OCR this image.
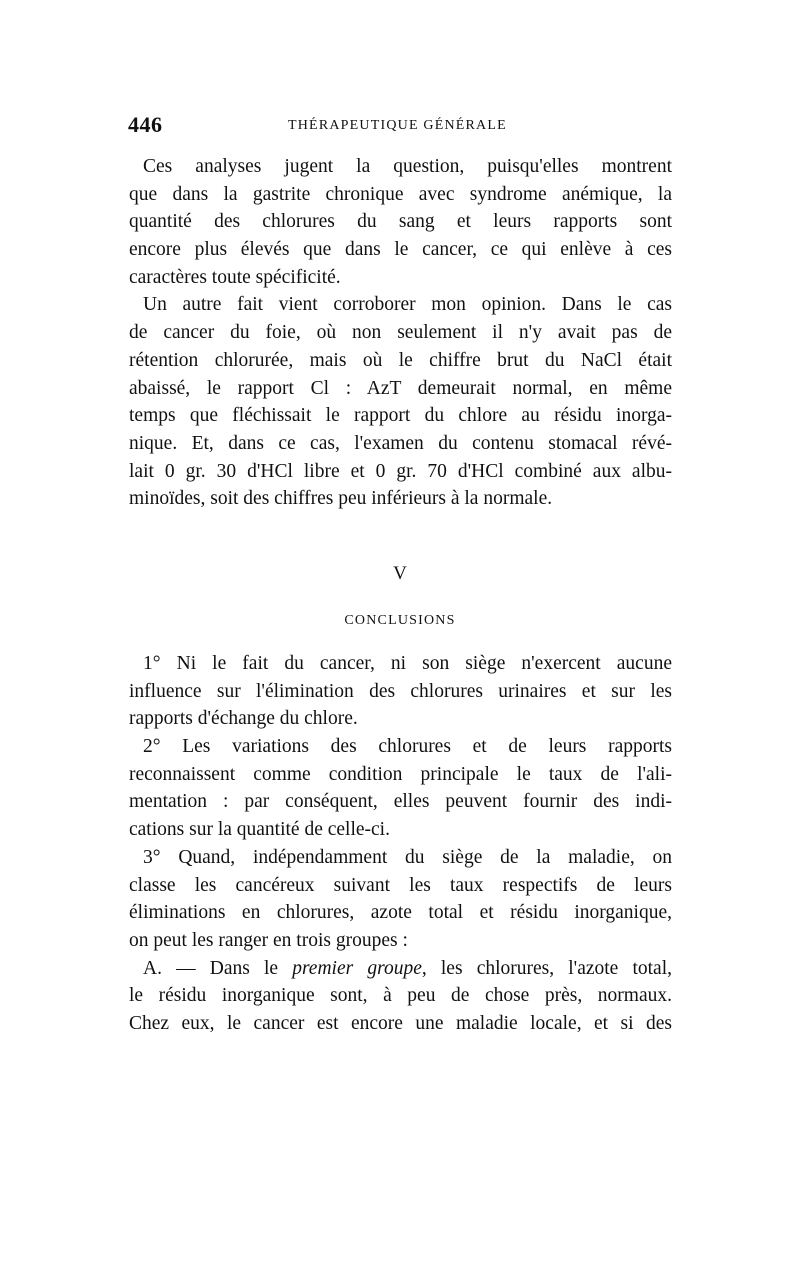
446	THÉRAPEUTIQUE GÉNÉRALE
Ces analyses jugent la question, puisqu'elles montrent
que dans la gastrite chronique avec syndrome anémique, la
quantité des chlorures du sang et leurs rapports sont
encore plus élevés que dans le cancer, ce qui enlève à ces
caractères toute spécificité.
Un autre fait vient corroborer mon opinion. Dans le cas
de cancer du foie, où non seulement il n'y avait pas de
rétention chlorurée, mais où le chiffre brut du NaCl était
abaissé, le rapport Cl : AzT demeurait normal, en même
temps que fléchissait le rapport du chlore au résidu inorga-
nique. Et, dans ce cas, l'examen du contenu stomacal révé-
lait 0 gr. 30 d'HCl libre et 0 gr. 70 d'HCl combiné aux albu-
minoïdes, soit des chiffres peu inférieurs à la normale.
V
CONCLUSIONS
1° Ni le fait du cancer, ni son siège n'exercent aucune
influence sur l'élimination des chlorures urinaires et sur les
rapports d'échange du chlore.
2° Les variations des chlorures et de leurs rapports
reconnaissent comme condition principale le taux de l'ali-
mentation : par conséquent, elles peuvent fournir des indi-
cations sur la quantité de celle-ci.
3° Quand, indépendamment du siège de la maladie, on
classe les cancéreux suivant les taux respectifs de leurs
éliminations en chlorures, azote total et résidu inorganique,
on peut les ranger en trois groupes :
A. — Dans le premier groupe, les chlorures, l'azote total,
le résidu inorganique sont, à peu de chose près, normaux.
Chez eux, le cancer est encore une maladie locale, et si des
